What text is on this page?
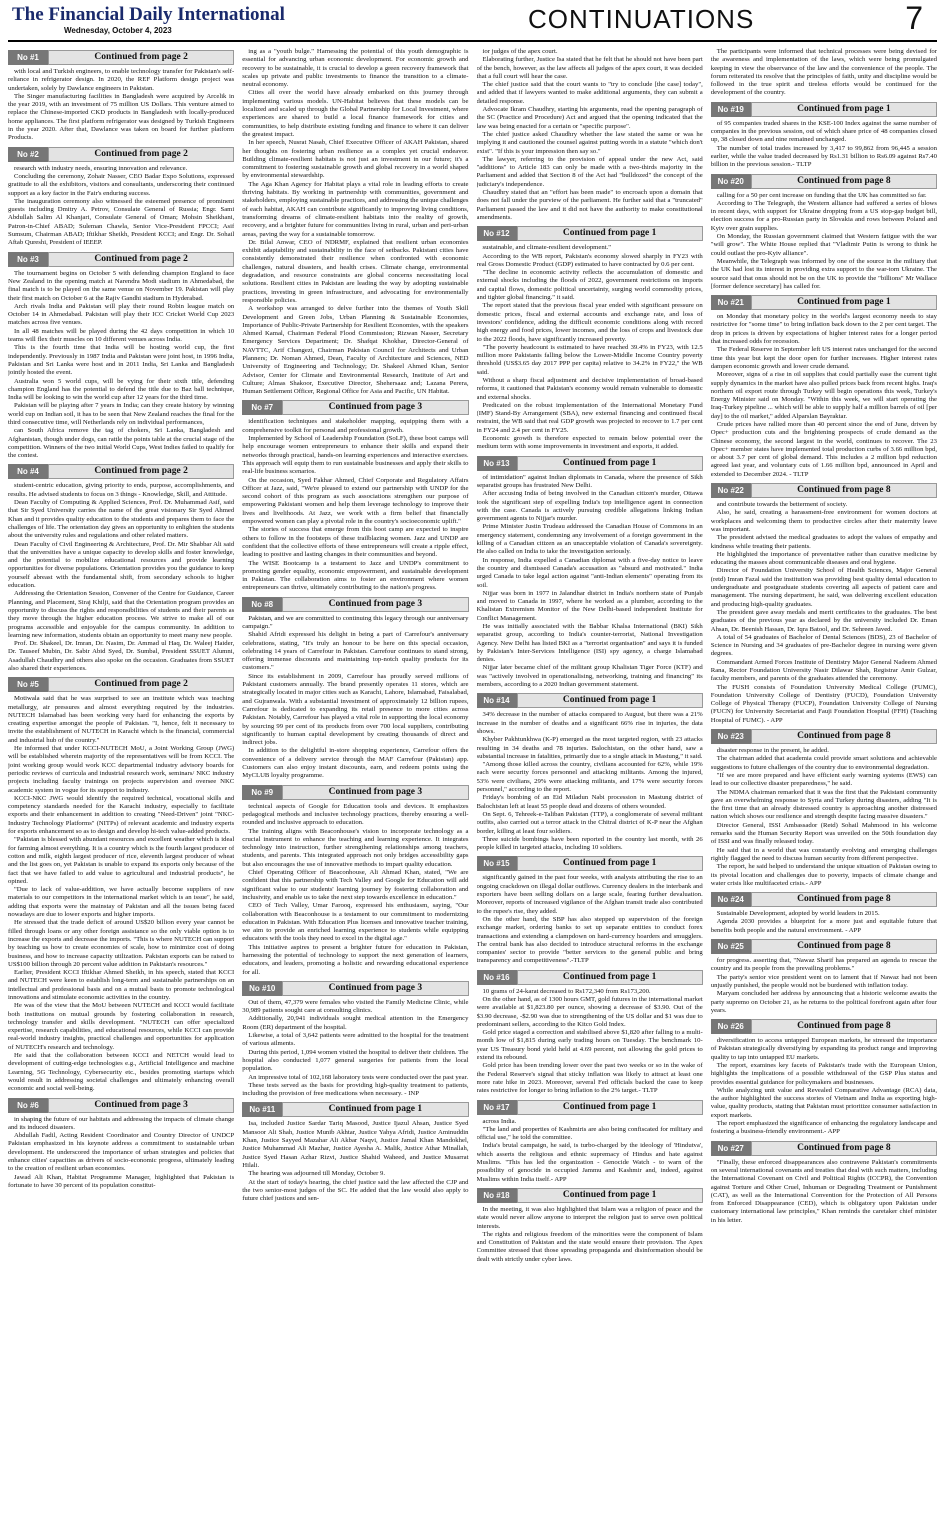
The Financial Daily International
Wednesday, October 4, 2023	CONTINUATIONS	7
No #1	Continued from page 2

with local and Turkish engineers, to enable technology transfer for Pakistan's self-reliance in refrigerator design. In 2020, the REF Platform design project was undertaken, solely by Dawlance engineers in Pakistan.

The Singer manufacturing facilities in Bangladesh were acquired by Arcelik in the year 2019, with an investment of 75 million US Dollars. This venture aimed to replace the Chinese-imported CKD products in Bangladesh with locally-produced home appliances. The first platform refrigerator was designed by Turkish Engineers in the year 2020. After that, Dawlance was taken on board for further platform Products.

No #2	Continued from page 2

research with industry needs, ensuring innovation and relevance.

Concluding the ceremony, Zohair Nasser, CEO Badar Expo Solutions, expressed gratitude to all the exhibitors, visitors and consultants, underscoring their continued support as a key factor in the Fair's enduring success.

The inauguration ceremony also witnessed the esteemed presence of prominent guests including Dmitry A. Petrov, Consulate General of Russia; Engr. Sami Abdullah Salim Al Khanjari, Consulate General of Oman; Mohsin Sheikhani, Patron-in-Chief ABAD; Suleman Chawla, Senior Vice-President FPCCI; Asif Sumsum, Chairman ABAD; Iftikhar Sheikh, President KCCI; and Engr. Dr. Sohail Aftab Qureshi, President of IEEEP.

No #3	Continued from page 2

The tournament begins on October 5 with defending champion England to face New Zealand in the opening match at Narendra Modi stadium in Ahmedabad, the final match is to be played on the same venue on November 19. Pakistan will play their first match on October 6 at the Rajiv Gandhi stadium in Hyderabad.

Arch rivals India and Pakistan will play their round Robin league match on October 14 in Ahmedabad. Pakistan will play their ICC Cricket World Cup 2023 matches across five venues.

In all 48 matches will be played during the 42 days competition in which 10 teams will flex their muscles on 10 different venues across India.

This is the fourth time that India will be hosting world cup, the first independently. Previously in 1987 India and Pakistan were joint host, in 1996 India, Pakistan and Sri Lanka were host and in 2011 India, Sri Lanka and Bangladesh jointly hosted the event.

Australia won 5 world cups, will be vying for their sixth title, defending champion England has the potential to defend the title due to Baz ball technique, India will be looking to win the world cup after 12 years for the third time.

Pakistan will be playing after 7 years in India; can they create history by winning world cup on Indian soil, it has to be seen that New Zealand reaches the final for the third consecutive time, will Netherlands rely on individual performances,

can South Africa remove the tag of chokers, Sri Lanka, Bangladesh and Afghanistan, though under dogs, can rattle the points table at the crucial stage of the competition. Winners of the two initial World Cups, West Indies failed to qualify for the contest.

No #4	Continued from page 2

student-centric education, giving priority to ends, purpose, accomplishments, and results. He advised students to focus on 3 things - Knowledge, Skill, and Attitude.

Dean Faculty of Computing & Applied Sciences, Prof. Dr. Muhammad Asif, said that Sir Syed University carries the name of the great visionary Sir Syed Ahmed Khan and it provides quality education to the students and prepares them to face the challenges of life. The orientation day gives an opportunity to enlighten the students about the university rules and regulations and other related matters.

Dean Faculty of Civil Engineering & Architecture, Prof. Dr. Mir Shabbar Ali said that the universities have a unique capacity to develop skills and foster knowledge, and the potential to mobilize educational resources and provide learning opportunities for diverse populations. Orientation provides you the guidance to keep yourself abreast with the fundamental shift, from secondary schools to higher education.

Addressing the Orientation Session, Convener of the Centre for Guidance, Career Planning, and Placement, Siraj Khilji, said that the Orientation program provides an opportunity to discuss the rights and responsibilities of students and their parents as they move through the higher education process. We strive to make all of our programs accessible and enjoyable for the campus community. In addition to learning new information, students obtain an opportunity to meet many new people.

Prof. Dr. Shakeel, Dr. Imran, Dr. Nasim, Dr. Ammad ul Haq, Dr. Waleej Haider, Dr. Tauseef Mubin, Dr. Sabir Abid Syed, Dr. Sumbal, President SSUET Alumni, Asadullah Chaudhry and others also spoke on the occasion. Graduates from SSUET also shared their experiences.

No #5	Continued from page 2

Motiwala said that he was surprised to see an institute which was teaching metallurgy, air pressures and almost everything required by the industries. NUTECH Islamabad has been working very hard for enhancing the exports by creating expertise amongst the people of Pakistan. "I, hence, felt it necessary to invite the establishment of NUTECH in Karachi which is the financial, commercial and industrial hub of the country."

He informed that under KCCI-NUTECH MoU, a Joint Working Group (JWG) will be established wherein majority of the representatives will be from KCCI. The joint working group would work KCC departmental industry advisory boards for periodic reviews of curricula and industrial research work, seminars/ NKC industry projects including faculty trainings on projects supervision and oversee NKC academic system in vogue for its support to industry.

KCCI-NKC JWG would identify the required technical, vocational skills and competency standards needed for the Karachi industry, especially to facilitate exports and their enhancement in addition to creating "Need-Driven" joint "NKC-Industry Technology Platforms" (NITPs) of relevant academic and industry experts for exports enhancement so as to design and develop hi-tech value-added products.

"Pakistan is blessed with abundant resources and excellent weather which is ideal for farming almost everything. It is a country which is the fourth largest producer of cotton and milk, eighth largest producer of rice, eleventh largest producer of wheat and the list goes on, yet Pakistan is unable to expand its exports only because of the fact that we have failed to add value to agricultural and industrial products", he opined.

"Due to lack of value-addition, we have actually become suppliers of raw materials to our competitors in the international market which is an issue", he said, adding that exports were the mainstay of Pakistan and all the issues being faced nowadays are due to lower exports and higher imports.

He stressed that the trade deficit of around US$20 billion every year cannot be filled through loans or any other foreign assistance so the only viable option is to increase the exports and decrease the imports. "This is where NUTECH can support by teaching us how to create economies of scale, how to minimize cost of doing business, and how to increase capacity utilization. Pakistan exports can be raised to US$100 billion through 20 percent value addition in Pakistan's resources."

Earlier, President KCCI Iftikhar Ahmed Sheikh, in his speech, stated that KCCI and NUTECH were keen to establish long-term and sustainable partnerships on an intellectual and professional basis and on a mutual basis to promote technological innovations and stimulate economic activities in the country.

He was of the view that the MoU between NUTECH and KCCI would facilitate both institutions on mutual grounds by fostering collaboration in research, technology transfer and skills development. "NUTECH can offer specialized expertise, research capabilities, and educational resources, while KCCI can provide real-world industry insights, practical challenges and opportunities for application of NUTECH's research and technology.

He said that the collaboration between KCCI and NETCH would lead to development of cutting-edge technologies e.g., Artificial Intelligence and machine Learning, 5G Technology, Cybersecurity etc., besides promoting startups which would result in addressing societal challenges and ultimately enhancing overall economic and social well-being.

No #6	Continued from page 3

in shaping the future of our habitats and addressing the impacts of climate change and its induced disasters.

Abdullah Fadil, Acting Resident Coordinator and Country Director of UNDCP Pakistan emphasized in his keynote address a commitment to sustainable urban development. He underscored the importance of urban strategies and policies that enhance cities' capacities as drivers of socio-economic progress, ultimately leading to the creation of resilient urban economies.

Jawad Ali Khan, Habitat Programme Manager, highlighted that Pakistan is fortunate to have 30 percent of its population constitut-

ing as a "youth bulge." Harnessing the potential of this youth demographic is essential for advancing urban economic development. For economic growth and recovery to be sustainable, it is crucial to develop a green recovery framework that scales up private and public investments to finance the transition to a climate-neutral economy.

Cities all over the world have already embarked on this journey through implementing various models. UN-Habitat believes that these models can be localized and scaled up through the Global Partnership for Local Investment, where experiences are shared to build a local finance framework for cities and communities, to help distribute existing funding and finance to where it can deliver the greatest impact.

In her speech, Nusrat Nasab, Chief Executive Officer of AKAH Pakistan, shared her thoughts on fostering urban resilience as a complex yet crucial endeavor. Building climate-resilient habitats is not just an investment in our future; it's a commitment to fostering sustainable growth and global recovery in a world shaped by environmental stewardship.

The Aga Khan Agency for Habitat plays a vital role in leading efforts to create thriving habitats. By working in partnership with communities, government and stakeholders, employing sustainable practices, and addressing the unique challenges of each habitat, AKAH can contribute significantly to improving living conditions, transforming dreams of climate-resilient habitats into the reality of growth, recovery, and a brighter future for communities living in rural, urban and peri-urban areas, paving the way for a sustainable tomorrow.

Dr. Bilal Anwar, CEO of NDRMF, explained that resilient urban economies exhibit adaptability and sustainability in the face of setbacks. Pakistani cities have consistently demonstrated their resilience when confronted with economic challenges, natural disasters, and health crises. Climate change, environmental degradation, and resource constraints are global concerns necessitating local solutions. Resilient cities in Pakistan are leading the way by adopting sustainable practices, investing in green infrastructure, and advocating for environmentally responsible policies.

A workshop was arranged to delve further into the themes of Youth Skill Development and Green Jobs, Urban Planning & Sustainable Economies, Importance of Public-Private Partnership for Resilient Economies, with the speakers Ahmed Kamal, Chairman Federal Flood Commission; Rizwan Nasser, Secretary Emergency Services Department; Dr. Shafqat Khokhar, Director-General of NAVTTC, Arif Changezi, Chairman Pakistan Council for Architects and Urban Planners; Dr. Noman Ahmed, Dean, Faculty of Architecture and Sciences, NED University of Engineering and Technology; Dr. Shakeel Ahmed Khan, Senior Advisor, Center for Climate and Environmental Research, Institute of Art and Culture; Almas Shakoor, Executive Director, Shehersaaz and; Lazanа Perera, Human Settlement Officer, Regional Office for Asia and Pacific, UN Habitat.

No #7	Continued from page 3

identification techniques and stakeholder mapping, equipping them with a comprehensive toolkit for personal and professional growth.

Implemented by School of Leadership Foundation (SoLF), these boot camps will help encourage women entrepreneurs to enhance their skills and expand their networks through practical, hands-on learning experiences and interactive exercises. This approach will equip them to run sustainable businesses and apply their skills to real-life business scenarios.

On the occasion, Syed Fakhar Ahmed, Chief Corporate and Regulatory Affairs Officer at Jazz, said, "We're pleased to extend our partnership with UNDP for the second cohort of this program as such associations strengthen our purpose of empowering Pakistani women and help them leverage technology to improve their lives and livelihoods. At Jazz, we work with a firm belief that financially empowered women can play a pivotal role in the country's socioeconomic uplift."

The stories of success that emerge from this boot camp are expected to inspire others to follow in the footsteps of these trailblazing women. Jazz and UNDP are confident that the collective efforts of these entrepreneurs will create a ripple effect, leading to positive and lasting changes in their communities and beyond.

The WISE Bootcamp is a testament to Jazz and UNDP's commitment to promoting gender equality, economic empowerment, and sustainable development in Pakistan. The collaboration aims to foster an environment where women entrepreneurs can thrive, ultimately contributing to the nation's progress.

No #8	Continued from page 3

Pakistan, and we are committed to continuing this legacy through our anniversary campaign."

Shahid Afridi expressed his delight in being a part of Carrefour's anniversary celebrations, stating, "It's truly an honour to be here on this special occasion, celebrating 14 years of Carrefour in Pakistan. Carrefour continues to stand strong, offering immense discounts and maintaining top-notch quality products for its customers."

Since its establishment in 2009, Carrefour has proudly served millions of Pakistani customers annually. The brand presently operates 11 stores, which are strategically located in major cities such as Karachi, Lahore, Islamabad, Faisalabad, and Gujranwala. With a substantial investment of approximately 12 billion rupees, Carrefour is dedicated to expanding its retail presence to more cities across Pakistan. Notably, Carrefour has played a vital role in supporting the local economy by sourcing 99 per cent of its products from over 700 local suppliers, contributing significantly to human capital development by creating thousands of direct and indirect jobs.

In addition to the delightful in-store shopping experience, Carrefour offers the convenience of a delivery service through the MAF Carrefour (Pakistan) app. Customers can also enjoy instant discounts, earn, and redeem points using the MyCLUB loyalty programme.

No #9	Continued from page 3

technical aspects of Google for Education tools and devices. It emphasizes pedagogical methods and inclusive technology practices, thereby ensuring a well-rounded and inclusive approach to education.

The training aligns with Beaconhouse's vision to incorporate technology as a crucial instrument to enhance the teaching and learning experience. It integrates technology into instruction, further strengthening relationships among teachers, students, and parents. This integrated approach not only bridges accessibility gaps but also encourages the use of innovative methods to impart quality education.

Chief Operating Officer of Beaconhouse, Ali Ahmad Khan, stated, "We are confident that this partnership with Tech Valley and Google for Education will add significant value to our students' learning journey by fostering collaboration and inclusivity, and enable us to take the next step towards excellence in education."

CEO of Tech Valley, Umar Farooq, expressed his enthusiasm, saying, "Our collaboration with Beaconhouse is a testament to our commitment to modernizing education in Pakistan. With Education Plus licenses and innovative teacher training, we aim to provide an enriched learning experience to students while equipping educators with the tools they need to excel in the digital age."

This initiative aspires to present a brighter future for education in Pakistan, harnessing the potential of technology to support the next generation of learners, educators, and leaders, promoting a holistic and rewarding educational experience for all.

No #10	Continued from page 3

Out of them, 47,379 were females who visited the Family Medicine Clinic, while 30,989 patients sought care at consulting clinics.

Additionally, 20,941 individuals sought medical attention in the Emergency Room (ER) department of the hospital.

Likewise, a total of 3,642 patients were admitted to the hospital for the treatment of various ailments.

During this period, 1,094 women visited the hospital to deliver their children. The hospital also conducted 1,077 general surgeries for patients from the local population.

An impressive total of 102,168 laboratory tests were conducted over the past year.

These tests served as the basis for providing high-quality treatment to patients, including the provision of free medications when necessary. - INP

No #11	Continued from page 1

Isa, included Justice Sardar Tariq Masood, Justice Ijazul Ahsan, Justice Syed Mansoor Ali Shah, Justice Munib Akhtar, Justice Yahya Afridi, Justice Aminuddin Khan, Justice Sayyed Mazahar Ali Akbar Naqvi, Justice Jamal Khan Mandokhel, Justice Muhammad Ali Mazhar, Justice Ayesha A. Malik, Justice Athar Minallah, Justice Syed Hasan Azhar Rizvi, Justice Shahid Waheed, and Justice Musarrat Hilali.

The hearing was adjourned till Monday, October 9.

At the start of today's hearing, the chief justice said the law affected the CJP and the two senior-most judges of the SC. He added that the law would also apply to future chief justices and sen-

ior judges of the apex court.

Elaborating further, Justice Isa stated that he felt that he should not have been part of the bench, however, as the law affects all judges of the apex court, it was decided that a full court will hear the case.

The chief justice said that the court wants to "try to conclude [the case] today", and added that if lawyers wanted to make additional arguments, they can submit a detailed response.

Advocate Ikram Chaudhry, starting his arguments, read the opening paragraph of the SC (Practice and Procedure) Act and argued that the opening indicated that the law was being enacted for a certain or "specific purpose".

The chief justice asked Chaudhry whether the law stated the same or was he implying it and cautioned the counsel against putting words in a statute "which don't exist". "If this is your impression then say so."

The lawyer, referring to the provision of appeal under the new Act, said "additions" to Article 183 can only be made with a two-thirds majority in the Parliament and added that Section 8 of the Act had "bulldozed" the concept of the judiciary's independence.

Chaudhry stated that an "effort has been made" to encroach upon a domain that does not fall under the purview of the parliament. He further said that a "truncated" Parliament passed the law and it did not have the authority to make constitutional amendments.

No #12	Continued from page 1

sustainable, and climate-resilient development."

According to the WB report, Pakistan's economy slowed sharply in FY23 with real Gross Domestic Product (GDP) estimated to have contracted by 0.6 per cent.

"The decline in economic activity reflects the accumulation of domestic and external shocks including the floods of 2022, government restrictions on imports and capital flows, domestic political uncertainty, surging world commodity prices, and tighter global financing." it said.

The report stated that the previous fiscal year ended with significant pressure on domestic prices, fiscal and external accounts and exchange rate, and loss of investors' confidence, adding the difficult economic conditions along with record high energy and food prices, lower incomes, and the loss of crops and livestock due to the 2022 floods, have significantly increased poverty.

"The poverty headcount is estimated to have reached 39.4% in FY23, with 12.5 million more Pakistanis falling below the Lower-Middle Income Country poverty threshold (US$3.65 day 2017 PPP per capita) relative to 34.2% in FY22," the WB said.

Without a sharp fiscal adjustment and decisive implementation of broad-based reforms, it cautioned that Pakistan's economy would remain vulnerable to domestic and external shocks.

Predicated on the robust implementation of the International Monetary Fund (IMF) Stand-By Arrangement (SBA), new external financing and continued fiscal restraint, the WB said that real GDP growth was projected to recover to 1.7 per cent in FY24 and 2.4 per cent in FY25.

Economic growth is therefore expected to remain below potential over the medium term with some improvements in investment and exports, it added.

No #13	Continued from page 1

of intimidation" against Indian diplomats in Canada, where the presence of Sikh separatist groups has frustrated New Delhi.

After accusing India of being involved in the Canadian citizen's murder, Ottawa took the significant step of expelling India's top intelligence agent in connection with the case. Canada is actively pursuing credible allegations linking Indian government agents to Nijjar's murder.

Prime Minister Justin Trudeau addressed the Canadian House of Commons in an emergency statement, condemning any involvement of a foreign government in the killing of a Canadian citizen as an unacceptable violation of Canada's sovereignty. He also called on India to take the investigation seriously.

In response, India expelled a Canadian diplomat with a five-day notice to leave the country and dismissed Canada's accusation as "absurd and motivated." India urged Canada to take legal action against "anti-Indian elements" operating from its soil.

Nijjar was born in 1977 in Jalandhar district in India's northern state of Punjab and moved to Canada in 1997, where he worked as a plumber, according to the Khalistan Extremism Monitor of the New Delhi-based independent Institute for Conflict Management.

He was initially associated with the Babbar Khalsa International (BKI) Sikh separatist group, according to India's counter-terrorist, National Investigation Agency. New Delhi has listed BKI as a "terrorist organisation" and says it is funded by Pakistan's Inter-Services Intelligence (ISI) spy agency, a charge Islamabad denies.

Nijjar later became chief of the militant group Khalistan Tiger Force (KTF) and was "actively involved in operationalising, networking, training and financing" its members, according to a 2020 Indian government statement.

No #14	Continued from page 1

34% decrease in the number of attacks compared to August, but there was a 21% increase in the number of deaths and a significant 66% rise in injuries, the data shows.

Khyber Pakhtunkhwa (K-P) emerged as the most targeted region, with 23 attacks resulting in 34 deaths and 78 injuries. Balochistan, on the other hand, saw a substantial increase in fatalities, primarily due to a single attack in Mastung," it said.

"Among those killed across the country, civilians accounted for 62%, while 19% each were security forces personnel and attacking militants. Among the injured, 53% were civilians, 29% were attacking militants, and 17% were security forces personnel," according to the report.

Friday's bombing of an Eid Miladun Nabi procession in Mastung district of Balochistan left at least 55 people dead and dozens of others wounded.

On Sept. 6, Tehreek-e-Taliban Pakistan (TTP), a conglomerate of several militant outfits, also carried out a terror attack in the Chitral district of K-P near the Afghan border, killing at least four soldiers.

Three suicide bombings have been reported in the country last month, with 26 people killed in targeted attacks, including 10 soldiers.

No #15	Continued from page 1

significantly gained in the past four weeks, with analysts attributing the rise to an ongoing crackdown on illegal dollar outflows. Currency dealers in the interbank and exporters have been selling dollars on a large scale, fearing further devaluation. Moreover, reports of increased vigilance of the Afghan transit trade also contributed to the rupee's rise, they added.

On the other hand, the SBP has also stepped up supervision of the foreign exchange market, ordering banks to set up separate entities to conduct forex transactions and extending a clampdown on hard-currency hoarders and smugglers. The central bank has also decided to introduce structural reforms in the exchange companies' sector to provide "better services to the general public and bring transparency and competitiveness".-TLTP

No #16	Continued from page 1

10 grams of 24-karat decreased to Rs172,340 from Rs173,200.

On the other hand, as of 1300 hours GMT, gold futures in the international market were available at $1,823.80 per ounce, showing a decrease of $3.90. Out of the $3.90 decrease, -$2.90 was due to strengthening of the US dollar and $1 was due to predominant sellers, according to the Kitco Gold Index.

Gold price staged a correction and stabilised above $1,820 after falling to a multi-month low of $1,815 during early trading hours on Tuesday. The benchmark 10-year US Treasury bond yield held at 4.69 percent, not allowing the gold prices to extend its rebound.

Gold price has been trending lower over the past two weeks or so in the wake of the Federal Reserve's signal that sticky inflation was likely to attract at least one more rate hike in 2023. Moreover, several Fed officials backed the case to keep rates restrictive for longer to bring inflation to the 2% target.- TLTP

No #17	Continued from page 1

across India.

"The land and properties of Kashmiris are also being confiscated for military and official use," he told the committee.

India's brutal campaign, he said, is turbo-charged by the ideology of 'Hindutva', which asserts the religious and ethnic supremacy of Hindus and hate against Muslims. "This has led the organization - Genocide Watch - to warn of the possibility of genocide in occupied Jammu and Kashmir and, indeed, against Muslims within India itself.- APP

No #18	Continued from page 1

In the meeting, it was also highlighted that Islam was a religion of peace and the state would never allow anyone to interpret the religion just to serve own political interests.

The rights and religious freedom of the minorities were the component of Islam and Constitution of Pakistan and the state would ensure their provision. The Apex Committee stressed that those spreading propaganda and disinformation should be dealt with strictly under cyber laws.

The participants were informed that technical processes were being devised for the awareness and implementation of the laws, which were being promulgated keeping in view the observance of the law and the convenience of the people. The forum reiterated its resolve that the principles of faith, unity and discipline would be followed in the true spirit and tireless efforts would be continued for the development of the country.

No #19	Continued from page 1

of 95 companies traded shares in the KSE-100 Index against the same number of companies in the previous session, out of which share price of 48 companies closed up, 38 closed down and nine remained unchanged.

The number of total trades increased by 3,417 to 99,862 from 96,445 a session earlier, while the value traded decreased by Rs1.31 billion to Rs6.09 against Rs7.40 billion in the previous session.- TLTP

No #20	Continued from page 8

calling for a 50 per cent increase on funding that the UK has committed so far.

According to The Telegraph, the Western alliance had suffered a series of blows in recent days, with support for Ukraine dropping from a US stop-gap budget bill, election success for a pro-Russian party in Slovakia and rows between Poland and Kyiv over grain supplies.

On Monday, the Russian government claimed that Western fatigue with the war "will grow". The White House replied that "Vladimir Putin is wrong to think he could outlast the pro-Kyiv alliance".

Meanwhile, the Telegraph was informed by one of the source in the military that the UK had lost its interest in providing extra support to the war-torn Ukraine. The source said that onus should not be on the UK to provide the "billions" Mr Wallace [former defence secretary] has called for.

No #21	Continued from page 1

on Monday that monetary policy in the world's largest economy needs to stay restrictive for "some time" to bring inflation back down to the 2 per cent target. The drop in prices is driven by expectations of higher interest rates for a longer period that increased odds for recession.

The Federal Reserve in September left US interest rates unchanged for the second time this year but kept the door open for further increases. Higher interest rates dampen economic growth and lower crude demand.

Moreover, signs of a rise in oil supplies that could partially ease the current tight supply dynamics in the market have also pulled prices back from recent highs. Iraq's northern oil export route through Turkey will begin operations this week, Turkey's Energy Minister said on Monday. "Within this week, we will start operating the Iraq-Turkey pipeline ... which will be able to supply half a million barrels of oil [per day] to the oil market," added Alparslan Bayraktar.

Crude prices have rallied more than 40 percent since the end of June, driven by Opec+ production cuts and the brightening prospects of crude demand as the Chinese economy, the second largest in the world, continues to recover. The 23 Opec+ member states have implemented total production curbs of 3.66 million bpd, or about 3.7 per cent of global demand. This includes a 2 million bpd reduction agreed last year, and voluntary cuts of 1.66 million bpd, announced in April and extended to December 2024. - TLTP

No #22	Continued from page 8

and contribute towards the betterment of society.

Also, he said, creating a harassment-free environment for women doctors at workplaces and welcoming them to productive circles after their maternity leave was important.

The president advised the medical graduates to adopt the values of empathy and kindness while treating their patients.

He highlighted the importance of preventative rather than curative medicine by educating the masses about communicable diseases and oral hygiene.

Director of Foundation University School of Health Sciences, Major General (retd) Imran Fazal said the institution was providing best quality dental education to undergraduate and postgraduate students covering all aspects of patient care and management. The nursing department, he said, was delivering excellent education and producing high-quality graduates.

The president gave away medals and merit certificates to the graduates. The best graduates of the previous year as declared by the university included Dr. Eman Ahsan, Dr. Beenish Hassan, Dr. Iqra Batool, and Dr. Sehreen Javed.

A total of 54 graduates of Bachelor of Dental Sciences (BDS), 23 of Bachelor of Science in Nursing and 34 graduates of pre-Bachelor degree in nursing were given degrees.

Commandant Armed Forces Institute of Dentistry Major General Nadeem Ahmed Rana, Rector Foundation University Nasir Dilawar Shah, Registrar Amir Gulzar, faculty members, and parents of the graduates attended the ceremony.

The FUSH consists of Foundation University Medical College (FUMC), Foundation University College of Dentistry (FUCD), Foundation University College of Physical Therapy (FUCP), Foundation University College of Nursing (FUCN) for University Secretariat and Fauji Foundation Hospital (FFH) (Teaching Hospital of FUMC). - APP

No #23	Continued from page 8

disaster response in the present, he added.

The chairman added that academia could provide smart solutions and achievable suggestions to future challenges of the country due to environmental degradation.

"If we are more prepared and have efficient early warning systems (EWS) can lead to our collective disaster preparedness," he said.

The NDMA chairman remarked that it was the first that the Pakistani community gave an overwhelming response to Syria and Turkey during disasters, adding "It is the first time that an already distressed country is approaching another distressed nation which shows our resilience and strength despite facing massive disasters."

Director General, ISSI Ambassador (Retd) Sohail Mahmood in his welcome remarks said the Human Security Report was unveiled on the 50th foundation day of ISSI and was finally released today.

He said that in a world that was constantly evolving and emerging challenges rightly flagged the need to discuss human security from different perspective.

The report, he said helped to understand the unique situation of Pakistan owing to its pivotal location and challenges due to poverty, impacts of climate change and water crisis like multifaceted crisis.- APP

No #24	Continued from page 8

Sustainable Development, adopted by world leaders in 2015.

Agenda 2030 provides a blueprint for a more just and equitable future that benefits both people and the natural environment. - APP

No #25	Continued from page 8

for progress. asserting that, "Nawaz Sharif has prepared an agenda to rescue the country and its people from the prevailing problems."

The party's senior vice president went on to lament that if Nawaz had not been unjustly punished, the people would not be burdened with inflation today.

Maryam concluded her address by announcing that a historic welcome awaits the party supremo on October 21, as he returns to the political forefront again after four years.

No #26	Continued from page 8

diversification to access untapped European markets, he stressed the importance of Pakistan strategically diversifying by expanding its product range and improving quality to tap into untapped EU markets.

The report, examines key facets of Pakistan's trade with the European Union, highlights the implications of a possible withdrawal of the GSP Plus status and provides essential guidance for policymakers and businesses.

While analyzing unit value and Revealed Comparative Advantage (RCA) data, the author highlighted the success stories of Vietnam and India as exporting high-value, quality products, stating that Pakistan must prioritize consumer satisfaction in export markets.

The report emphasized the significance of enhancing the regulatory landscape and fostering a business-friendly environment.- APP

No #27	Continued from page 8

"Finally, these enforced disappearances also contravene Pakistan's commitments on several international covenants and treaties that deal with such matters, including the International Covenant on Civil and Political Rights (ICCPR), the Convention against Torture and Other Cruel, Inhuman or Degrading Treatment or Punishment (CAT), as well as the International Convention for the Protection of All Persons from Enforced Disappearance (CED), which is obligatory upon Pakistan under customary international law principles," Khan reminds the caretaker chief minister in his letter.
